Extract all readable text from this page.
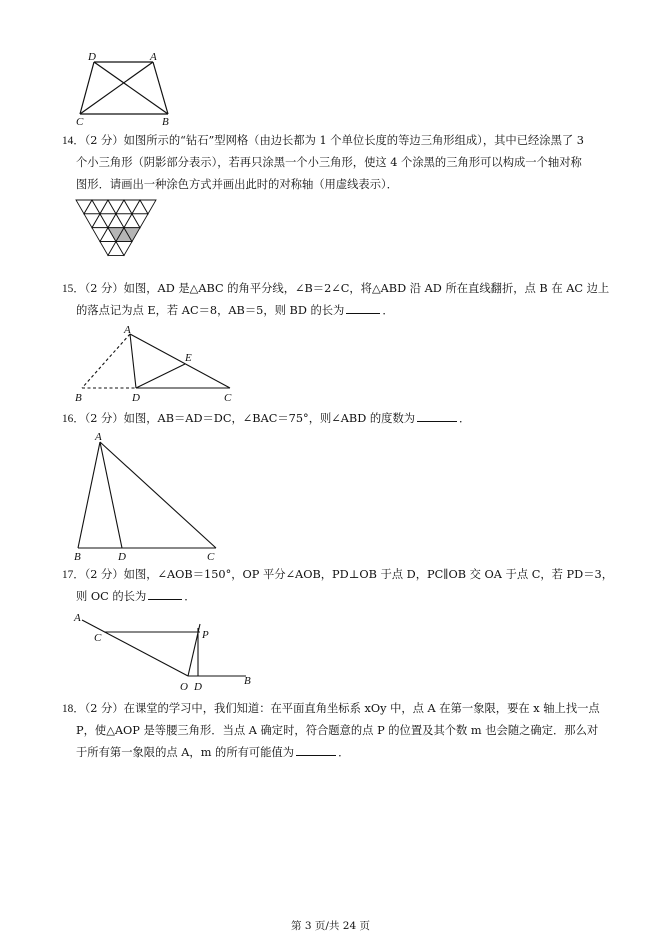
D	A
C	B
14．（2 分）如图所示的“钻石”型网格（由边长都为 1 个单位长度的等边三角形组成），其中已经涂黑了 3
个小三角形（阴影部分表示），若再只涂黑一个小三角形，使这 4 个涂黑的三角形可以构成一个轴对称
图形．请画出一种涂色方式并画出此时的对称轴（用虚线表示）．
15．（2 分）如图，AD 是△ABC 的角平分线，∠B＝2∠C，将△ABD 沿 AD 所在直线翻折，点 B 在 AC 边上
的落点记为点 E，若 AC＝8，AB＝5，则 BD 的长为	．
A
E
B	D	C
16．（2 分）如图，AB＝AD＝DC，∠BAC＝75°，则∠ABD 的度数为	．
A
B	D	C
17．（2 分）如图，∠AOB＝150°，OP 平分∠AOB，PD⊥OB 于点 D，PC∥OB 交 OA 于点 C，若 PD＝3，
则 OC 的长为	．
A
C	P
O D	B
18．（2 分）在课堂的学习中，我们知道：在平面直角坐标系 xOy 中，点 A 在第一象限，要在 x 轴上找一点
P，使△AOP 是等腰三角形．当点 A 确定时，符合题意的点 P 的位置及其个数 m 也会随之确定．那么对
于所有第一象限的点 A，m 的所有可能值为	．
第 3 页/共 24 页
